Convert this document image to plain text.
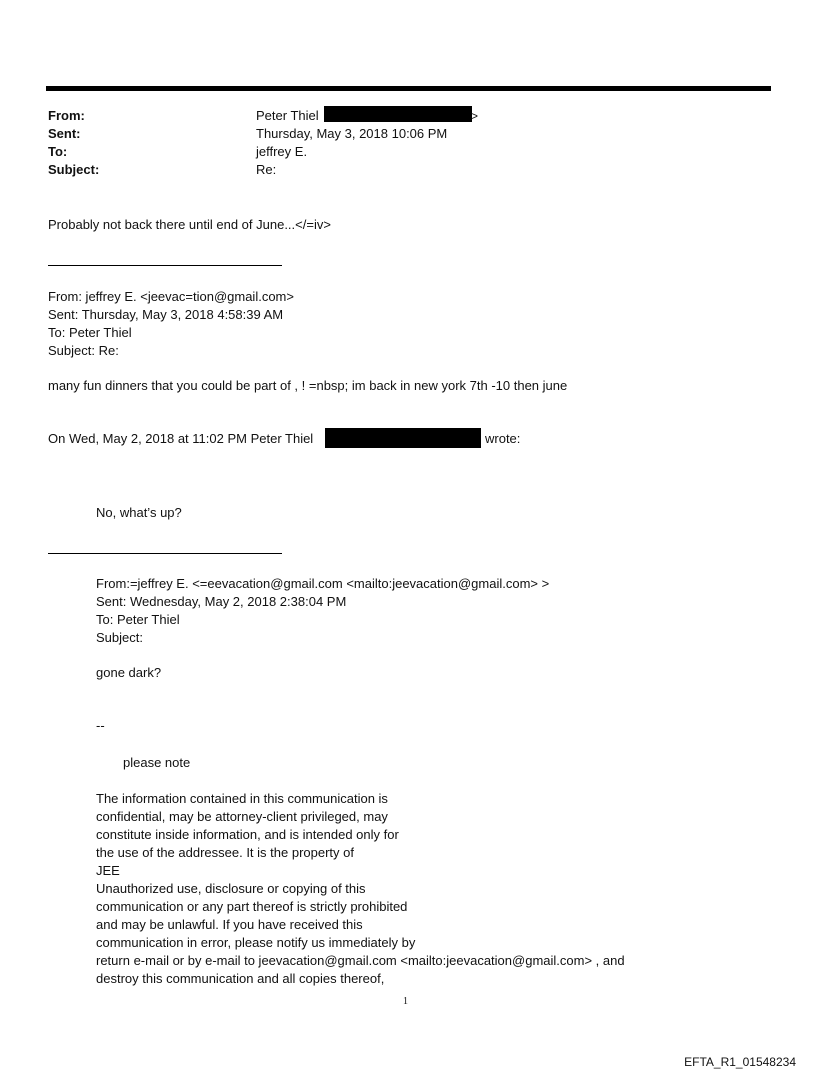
From:	Peter Thiel	>
Sent:	Thursday, May 3, 2018 10:06 PM
To:	jeffrey E.
Subject:	Re:
Probably not back there until end of June...</=iv>
From: jeffrey E. <jeevac=tion@gmail.com>
Sent: Thursday, May 3, 2018 4:58:39 AM
To: Peter Thiel
Subject: Re:
many fun dinners that you could be part of , ! =nbsp; im back in new york 7th -10 then june
On Wed, May 2, 2018 at 11:02 PM Peter Thiel	wrote:
No, what’s up?
From:=jeffrey E. <=eevacation@gmail.com <mailto:jeevacation@gmail.com> >
Sent: Wednesday, May 2, 2018 2:38:04 PM
To: Peter Thiel
Subject:
gone dark?
--
please note
The information contained in this communication is
confidential, may be attorney-client privileged, may
constitute inside information, and is intended only for
the use of the addressee. It is the property of
JEE
Unauthorized use, disclosure or copying of this
communication or any part thereof is strictly prohibited
and may be unlawful. If you have received this
communication in error, please notify us immediately by
return e-mail or by e-mail to jeevacation@gmail.com <mailto:jeevacation@gmail.com> , and
destroy this communication and all copies thereof,
1
EFTA_R1_01548234
